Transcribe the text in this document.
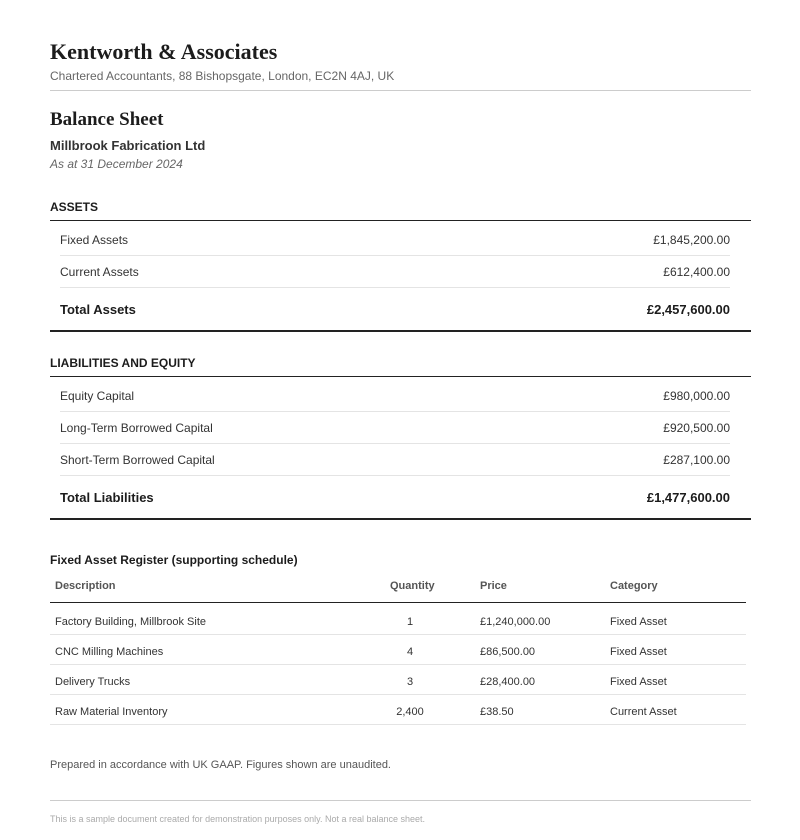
Kentworth & Associates
Chartered Accountants, 88 Bishopsgate, London, EC2N 4AJ, UK
Balance Sheet
Millbrook Fabrication Ltd
As at 31 December 2024
ASSETS
Fixed Assets	£1,845,200.00
Current Assets	£612,400.00
Total Assets	£2,457,600.00
LIABILITIES AND EQUITY
Equity Capital	£980,000.00
Long-Term Borrowed Capital	£920,500.00
Short-Term Borrowed Capital	£287,100.00
Total Liabilities	£1,477,600.00
Fixed Asset Register (supporting schedule)
Description	Quantity	Price	Category
Factory Building, Millbrook Site	1	£1,240,000.00	Fixed Asset
CNC Milling Machines	4	£86,500.00	Fixed Asset
Delivery Trucks	3	£28,400.00	Fixed Asset
Raw Material Inventory	2,400	£38.50	Current Asset
Prepared in accordance with UK GAAP. Figures shown are unaudited.
This is a sample document created for demonstration purposes only. Not a real balance sheet.
